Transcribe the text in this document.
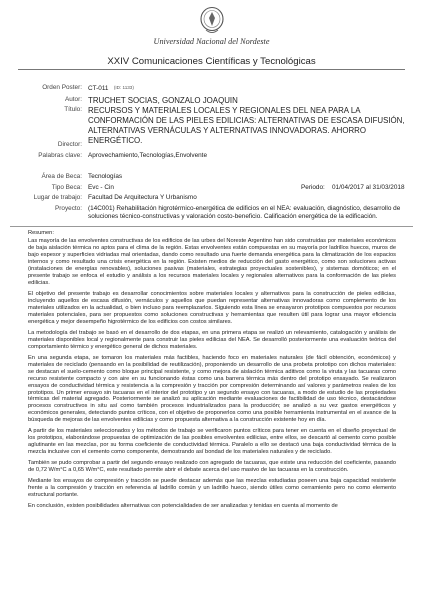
Universidad Nacional del Nordeste
XXIV Comunicaciones Científicas y Tecnológicas
Orden Poster: CT-011 (ID: 1133)
Autor: TRUCHET SOCIAS, GONZALO JOAQUIN
Título: RECURSOS Y MATERIALES LOCALES Y REGIONALES DEL NEA PARA LA CONFORMACIÓN DE LAS PIELES EDILICIAS: ALTERNATIVAS DE ESCASA DIFUSIÓN, ALTERNATIVAS VERNÁCULAS Y ALTERNATIVAS INNOVADORAS. AHORRO ENERGÉTICO.
Director:
Palabras clave: Aprovechamiento,Tecnologías,Envolvente
Área de Beca: Tecnologías
Tipo Beca: Evc - Cin	Periodo: 01/04/2017 al 31/03/2018
Lugar de trabajo: Facultad De Arquitectura Y Urbanismo
Proyecto: (14C001) Rehabilitación higrotérmico-energética de edificios en el NEA: evaluación, diagnóstico, desarrollo de soluciones técnico-constructivas y valoración costo-beneficio. Calificación energética de la edificación.
Resumen:

Las mayoría de las envolventes constructivas de los edificios de las urbes del Noreste Argentino han sido construidas por materiales económicos de baja aislación térmica no aptos para el clima de la región. Estas envolventes están compuestas en su mayoría por ladrillos huecos, muros de bajo espesor y superficies vidriadas mal orientadas, dando como resultado una fuerte demanda energética para la climatización de los espacios internos y como resultado una crisis energética en la región. Existen medios de reducción del gasto energético, como son soluciones activas (instalaciones de energías renovables), soluciones pasivas (materiales, estrategias proyectuales sostenibles), y sistemas domóticos; en el presente trabajo se enfoca el estudio y análisis a los recursos materiales locales y regionales alternativos para la conformación de las pieles edilicias.

El objetivo del presente trabajo es desarrollar conocimientos sobre materiales locales y alternativos para la construcción de pieles edilicias, incluyendo aquellos de escasa difusión, vernáculos y aquellos que puedan representar alternativas innovadoras como complemento de los materiales utilizados en la actualidad, o bien incluso para reemplazarlos. Siguiendo esta línea se ensayaron prototipos compuestos por recursos materiales potenciales, para ser propuestos como soluciones constructivas y herramientas que resulten útil para lograr una mayor eficiencia energética y mejor desempeño higrotérmico de los edificios con costos similares.

La metodología del trabajo se basó en el desarrollo de dos etapas, en una primera etapa se realizó un relevamiento, catalogación y análisis de materiales disponibles local y regionalmente para construir las pieles edilicias del NEA. Se desarrolló posteriormente una evaluación teórica del comportamiento térmico y energético general de dichos materiales.

En una segunda etapa, se tomaron los materiales más factibles, haciendo foco en materiales naturales (de fácil obtención, económicos) y materiales de reciclado (pensando en la posibilidad de reutilización), proponiendo un desarrollo de una probeta prototipo con dichos materiales: se destacan el suelo-cemento como bloque principal resistente, y como mejora de aislación térmica aditivos como la viruta y las tacuaras como recurso resistente compacto y con aire en su funcionando éstas como una barrera térmica más dentro del prototipo ensayado. Se realizaron ensayos de conductividad térmica y resistencia a la compresión y tracción por compresión determinando así valores y parámetros reales de los prototipos. Un primer ensayo sin tacuaras en el interior del prototipo y un segundo ensayo con tacuaras, a modo de estudio de las propiedades térmicas del material agregado. Posteriormente se analizó su aplicación mediante evaluaciones de factibilidad de uso técnico, destacándose procesos constructivos in situ así como también procesos industrializados para la producción; se analizó a su vez gastos energéticos y económicos generales, detectando puntos críticos, con el objetivo de proponerlos como una posible herramienta instrumental en el avance de la búsqueda de mejoras de las envolventes edilicias y como propuesta alternativa a la construcción existente hoy en día.

A partir de los materiales seleccionados y los métodos de trabajo se verificaron puntos críticos para tener en cuenta en el diseño proyectual de los prototipos, elaborándose propuestas de optimización de las posibles envolventes edilicias, entre ellos, se descartó al cemento como posible aglutinante en las mezclas, por su forma coeficiente de conductividad térmica. Paralelo a ello se destacó una baja conductividad térmica de la mezcla inclusive con el cemento como componente, demostrando así bondad de los materiales naturales y de reciclado.

También se pudo comprobar a partir del segundo ensayo realizado con agregado de tacuaras, que existe una reducción del coeficiente, pasando de 0,72 W/m°C a 0,65 W/m°C, este resultado permite abrir el debate acerca del uso masivo de las tacuaras en la construcción.

Mediante los ensayos de compresión y tracción se puede destacar además que las mezclas estudiadas poseen una baja capacidad resistente frente a la compresión y tracción en referencia al ladrillo común y un ladrillo hueco, siendo útiles como cerramiento pero no como elemento estructural portante.

En conclusión, existen posibilidades alternativas con potencialidades de ser analizadas y tenidas en cuenta al momento de
